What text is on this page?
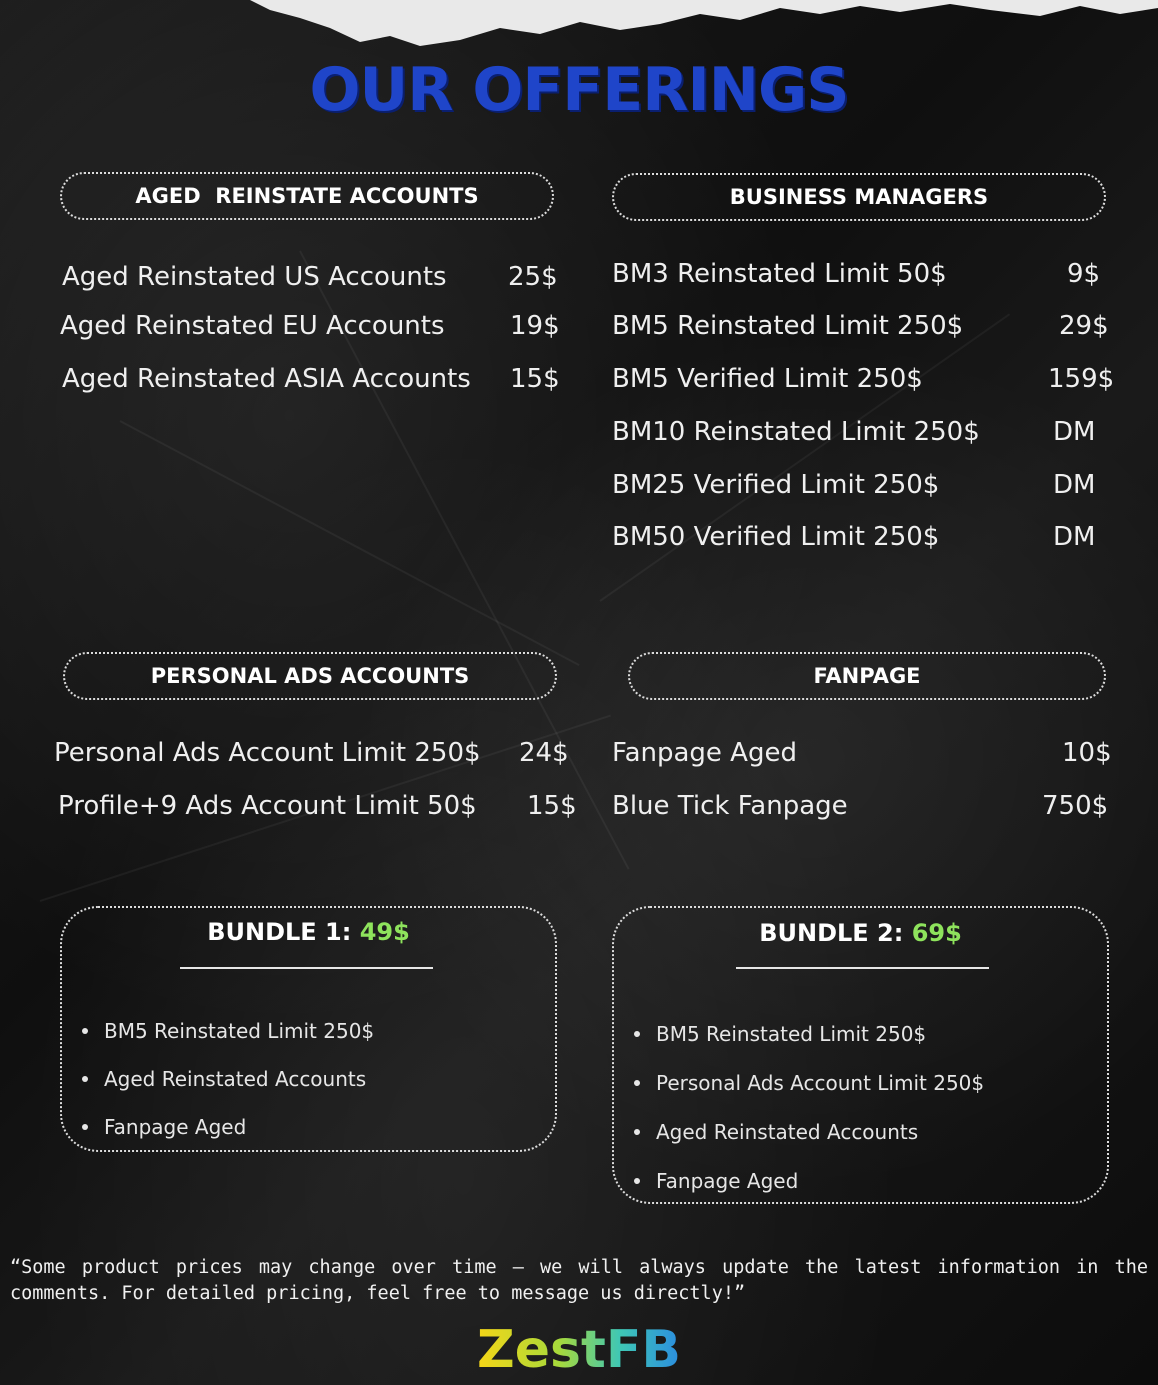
OUR OFFERINGS
AGED  REINSTATE ACCOUNTS
Aged Reinstated US Accounts 25$
Aged Reinstated EU Accounts	19$
Aged Reinstated ASIA Accounts 15$
BUSINESS MANAGERS
BM3 Reinstated Limit 50$	9$
BM5 Reinstated Limit 250$	29$
BM5 Verified Limit 250$	159$
BM10 Reinstated Limit 250$	DM
BM25 Verified Limit 250$	DM
BM50 Verified Limit 250$	DM
PERSONAL ADS ACCOUNTS
Personal Ads Account Limit 250$ 24$
Profile+9 Ads Account Limit 50$ 15$
FANPAGE
Fanpage Aged	10$
Blue Tick Fanpage	750$
BUNDLE 1: 49$
BM5 Reinstated Limit 250$
Aged Reinstated Accounts
Fanpage Aged
BUNDLE 2: 69$
BM5 Reinstated Limit 250$
Personal Ads Account Limit 250$
Aged Reinstated Accounts
Fanpage Aged
“Some product prices may change over time — we will always update the latest information in the comments. For detailed pricing, feel free to message us directly!”
ZestFB
